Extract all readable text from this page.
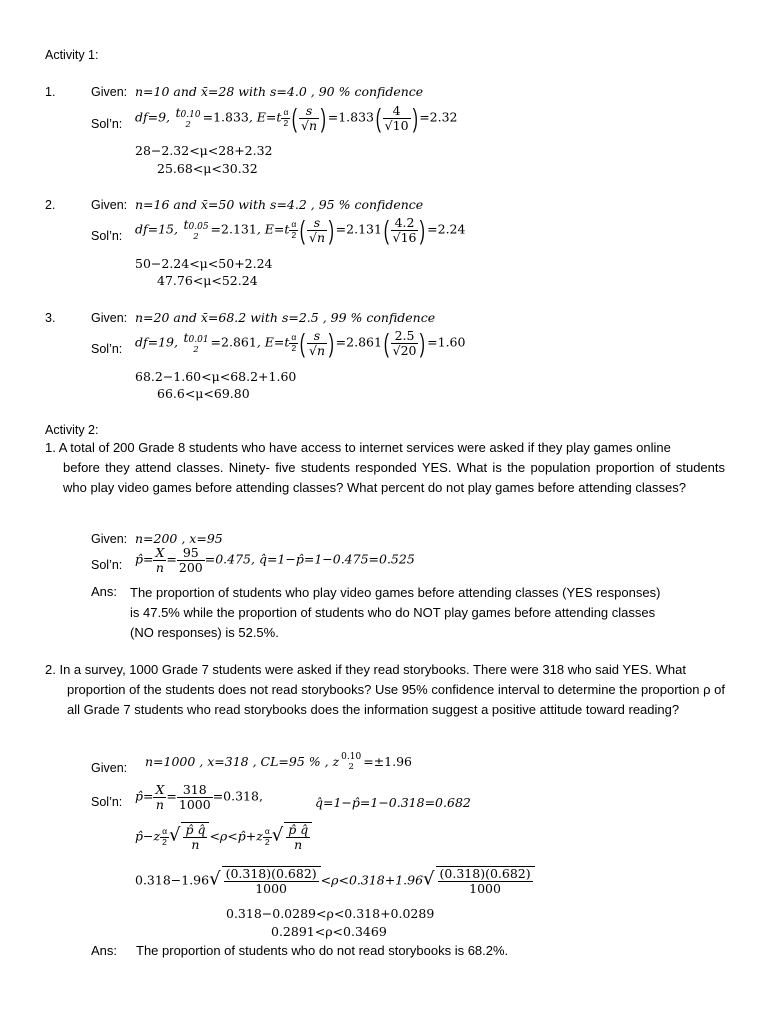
Activity 1:
1.	Given: n=10 and x̄=28 with s=4.0 , 90 % confidence
Sol’n: df=9, t0.10
2
=1.833, $E=t \frac{\alpha}{2}$ ( $\frac{s}{√n}$ ) $=1.833( \frac{4}{√10}$ ) =2.32
28−2.32<μ<28+2.32
25.68<μ<30.32
2.	Given: n=16 and x̄=50 with s=4.2 , 95 % confidence
Sol’n: df=15, t0.05
2
=2.131, $E=t \frac{\alpha}{2}$ ( $\frac{s}{√n}$ ) $=2.131( \frac{4.2}{√16}$ ) =2.24
50−2.24<μ<50+2.24
47.76<μ<52.24
3.	Given: n=20 and x̄=68.2 with s=2.5 , 99 % confidence
Sol’n: df=19, t0.01
2
=2.861, $E=t \frac{\alpha}{2}$ ( $\frac{s}{√n}$ ) $=2.861( \frac{2.5}{√20}$ ) =1.60
68.2−1.60<μ<68.2+1.60
66.6<μ<69.80
Activity 2:
1. A total of 200 Grade 8 students who have access to internet services were asked if they play games online
before they attend classes. Ninety- five students responded YES. What is the population proportion of students who play video games before attending classes? What percent do not play games before attending classes?
Given: n=200 , x=95
Sol’n: p̂= $\frac{X}{n} = \frac{95}{200} =0.475$, q̂=1−p̂=1−0.475=0.525
Ans: The proportion of students who play video games before attending classes (YES responses) is 47.5% while the proportion of students who do NOT play games before attending classes (NO responses) is 52.5%.
2. In a survey, 1000 Grade 7 students were asked if they read storybooks. There were 318 who said YES. What
proportion of the students does not read storybooks? Use 95% confidence interval to determine the proportion ρ of all Grade 7 students who read storybooks does the information suggest a positive attitude toward reading?
Given: n=1000 , x=318 , CL=95 % , z 0.10
2 =±1.96
Sol’n: p̂= $\frac{X}{n} = \frac{318}{1000} =0.318$,	q̂=1−p̂=1−0.318=0.682
p̂−z $\frac{\alpha}{2}$ √ $\frac{p̂ q̂}{n}$ <ρ<p̂+z $\frac{\alpha}{2}$ √ $\frac{p̂ q̂}{n}$
$0.318-1.96√ \frac{(0.318)(0.682)}{1000} <\rho<0.318+1.96√ \frac{(0.318)(0.682)}{1000}$
0.318−0.0289<ρ<0.318+0.0289
0.2891<ρ<0.3469
Ans: The proportion of students who do not read storybooks is 68.2%.
